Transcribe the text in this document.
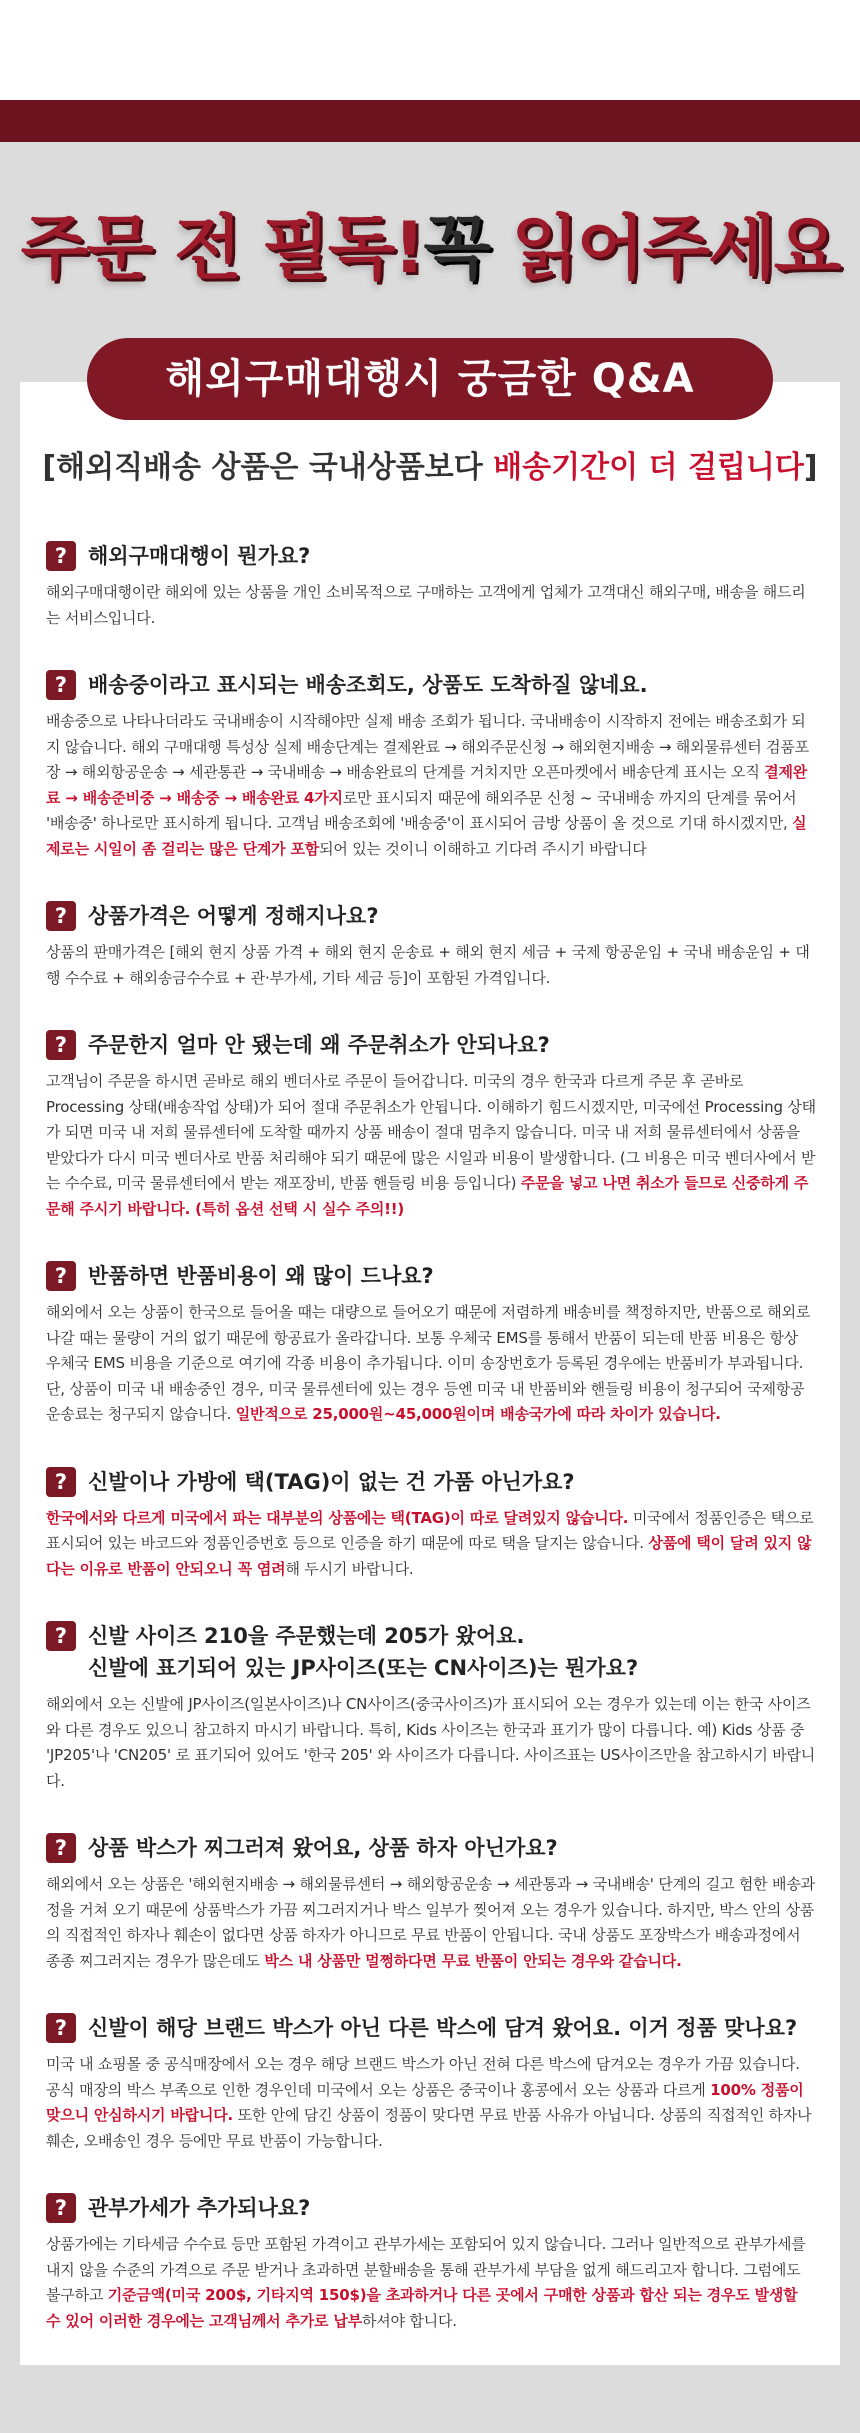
주문 전 필독!꼭 읽어주세요
해외구매대행시 궁금한 Q&A
[해외직배송 상품은 국내상품보다 배송기간이 더 걸립니다]
? 해외구매대행이 뭔가요?
해외구매대행이란 해외에 있는 상품을 개인 소비목적으로 구매하는 고객에게 업체가 고객대신 해외구매, 배송을 해드리는 서비스입니다.
? 배송중이라고 표시되는 배송조회도, 상품도 도착하질 않네요.
배송중으로 나타나더라도 국내배송이 시작해야만 실제 배송 조회가 됩니다. 국내배송이 시작하지 전에는 배송조회가 되지 않습니다. 해외 구매대행 특성상 실제 배송단계는 결제완료 → 해외주문신청 → 해외현지배송 → 해외물류센터 검품포장 → 해외항공운송 → 세관통관 → 국내배송 → 배송완료의 단계를 거치지만 오픈마켓에서 배송단계 표시는 오직 결제완료 → 배송준비중 → 배송중 → 배송완료 4가지로만 표시되지 때문에 해외주문 신청 ~ 국내배송 까지의 단계를 묶어서 '배송중' 하나로만 표시하게 됩니다. 고객님 배송조회에 '배송중'이 표시되어 금방 상품이 올 것으로 기대 하시겠지만, 실제로는 시일이 좀 걸리는 많은 단계가 포함되어 있는 것이니 이해하고 기다려 주시기 바랍니다
? 상품가격은 어떻게 정해지나요?
상품의 판매가격은 [해외 현지 상품 가격 + 해외 현지 운송료 + 해외 현지 세금 + 국제 항공운임 + 국내 배송운임 + 대행 수수료 + 해외송금수수료 + 관·부가세, 기타 세금 등]이 포함된 가격입니다.
? 주문한지 얼마 안 됐는데 왜 주문취소가 안되나요?
고객님이 주문을 하시면 곧바로 해외 벤더사로 주문이 들어갑니다. 미국의 경우 한국과 다르게 주문 후 곧바로 Processing 상태(배송작업 상태)가 되어 절대 주문취소가 안됩니다. 이해하기 힘드시겠지만, 미국에선 Processing 상태가 되면 미국 내 저희 물류센터에 도착할 때까지 상품 배송이 절대 멈추지 않습니다. 미국 내 저희 물류센터에서 상품을 받았다가 다시 미국 벤더사로 반품 처리해야 되기 때문에 많은 시일과 비용이 발생합니다. (그 비용은 미국 벤더사에서 받는 수수료, 미국 물류센터에서 받는 재포장비, 반품 핸들링 비용 등입니다) 주문을 넣고 나면 취소가 들므로 신중하게 주문해 주시기 바랍니다. (특히 옵션 선택 시 실수 주의!!)
? 반품하면 반품비용이 왜 많이 드나요?
해외에서 오는 상품이 한국으로 들어올 때는 대량으로 들어오기 때문에 저렴하게 배송비를 책정하지만, 반품으로 해외로 나갈 때는 물량이 거의 없기 때문에 항공료가 올라갑니다. 보통 우체국 EMS를 통해서 반품이 되는데 반품 비용은 항상 우체국 EMS 비용을 기준으로 여기에 각종 비용이 추가됩니다. 이미 송장번호가 등록된 경우에는 반품비가 부과됩니다. 단, 상품이 미국 내 배송중인 경우, 미국 물류센터에 있는 경우 등엔 미국 내 반품비와 핸들링 비용이 청구되어 국제항공 운송료는 청구되지 않습니다. 일반적으로 25,000원~45,000원이며 배송국가에 따라 차이가 있습니다.
? 신발이나 가방에 택(TAG)이 없는 건 가품 아닌가요?
한국에서와 다르게 미국에서 파는 대부분의 상품에는 택(TAG)이 따로 달려있지 않습니다. 미국에서 정품인증은 택으로 표시되어 있는 바코드와 정품인증번호 등으로 인증을 하기 때문에 따로 택을 달지는 않습니다. 상품에 택이 달려 있지 않다는 이유로 반품이 안되오니 꼭 염려해 두시기 바랍니다.
? 신발 사이즈 210을 주문했는데 205가 왔어요.
신발에 표기되어 있는 JP사이즈(또는 CN사이즈)는 뭔가요?
해외에서 오는 신발에 JP사이즈(일본사이즈)나 CN사이즈(중국사이즈)가 표시되어 오는 경우가 있는데 이는 한국 사이즈와 다른 경우도 있으니 참고하지 마시기 바랍니다. 특히, Kids 사이즈는 한국과 표기가 많이 다릅니다. 예) Kids 상품 중 'JP205'나 'CN205' 로 표기되어 있어도 '한국 205' 와 사이즈가 다릅니다. 사이즈표는 US사이즈만을 참고하시기 바랍니다.
? 상품 박스가 찌그러져 왔어요, 상품 하자 아닌가요?
해외에서 오는 상품은 '해외현지배송 → 해외물류센터 → 해외항공운송 → 세관통과 → 국내배송' 단계의 길고 험한 배송과정을 거쳐 오기 때문에 상품박스가 가끔 찌그러지거나 박스 일부가 찢어져 오는 경우가 있습니다. 하지만, 박스 안의 상품의 직접적인 하자나 훼손이 없다면 상품 하자가 아니므로 무료 반품이 안됩니다. 국내 상품도 포장박스가 배송과정에서 종종 찌그러지는 경우가 많은데도 박스 내 상품만 멀쩡하다면 무료 반품이 안되는 경우와 같습니다.
? 신발이 해당 브랜드 박스가 아닌 다른 박스에 담겨 왔어요. 이거 정품 맞나요?
미국 내 쇼핑몰 중 공식매장에서 오는 경우 해당 브랜드 박스가 아닌 전혀 다른 박스에 담겨오는 경우가 가끔 있습니다. 공식 매장의 박스 부족으로 인한 경우인데 미국에서 오는 상품은 중국이나 홍콩에서 오는 상품과 다르게 100% 정품이 맞으니 안심하시기 바랍니다. 또한 안에 담긴 상품이 정품이 맞다면 무료 반품 사유가 아닙니다. 상품의 직접적인 하자나 훼손, 오배송인 경우 등에만 무료 반품이 가능합니다.
? 관부가세가 추가되나요?
상품가에는 기타세금 수수료 등만 포함된 가격이고 관부가세는 포함되어 있지 않습니다. 그러나 일반적으로 관부가세를 내지 않을 수준의 가격으로 주문 받거나 초과하면 분할배송을 통해 관부가세 부담을 없게 해드리고자 합니다. 그럼에도 불구하고 기준금액(미국 200$, 기타지역 150$)을 초과하거나 다른 곳에서 구매한 상품과 합산 되는 경우도 발생할 수 있어 이러한 경우에는 고객님께서 추가로 납부하셔야 합니다.
